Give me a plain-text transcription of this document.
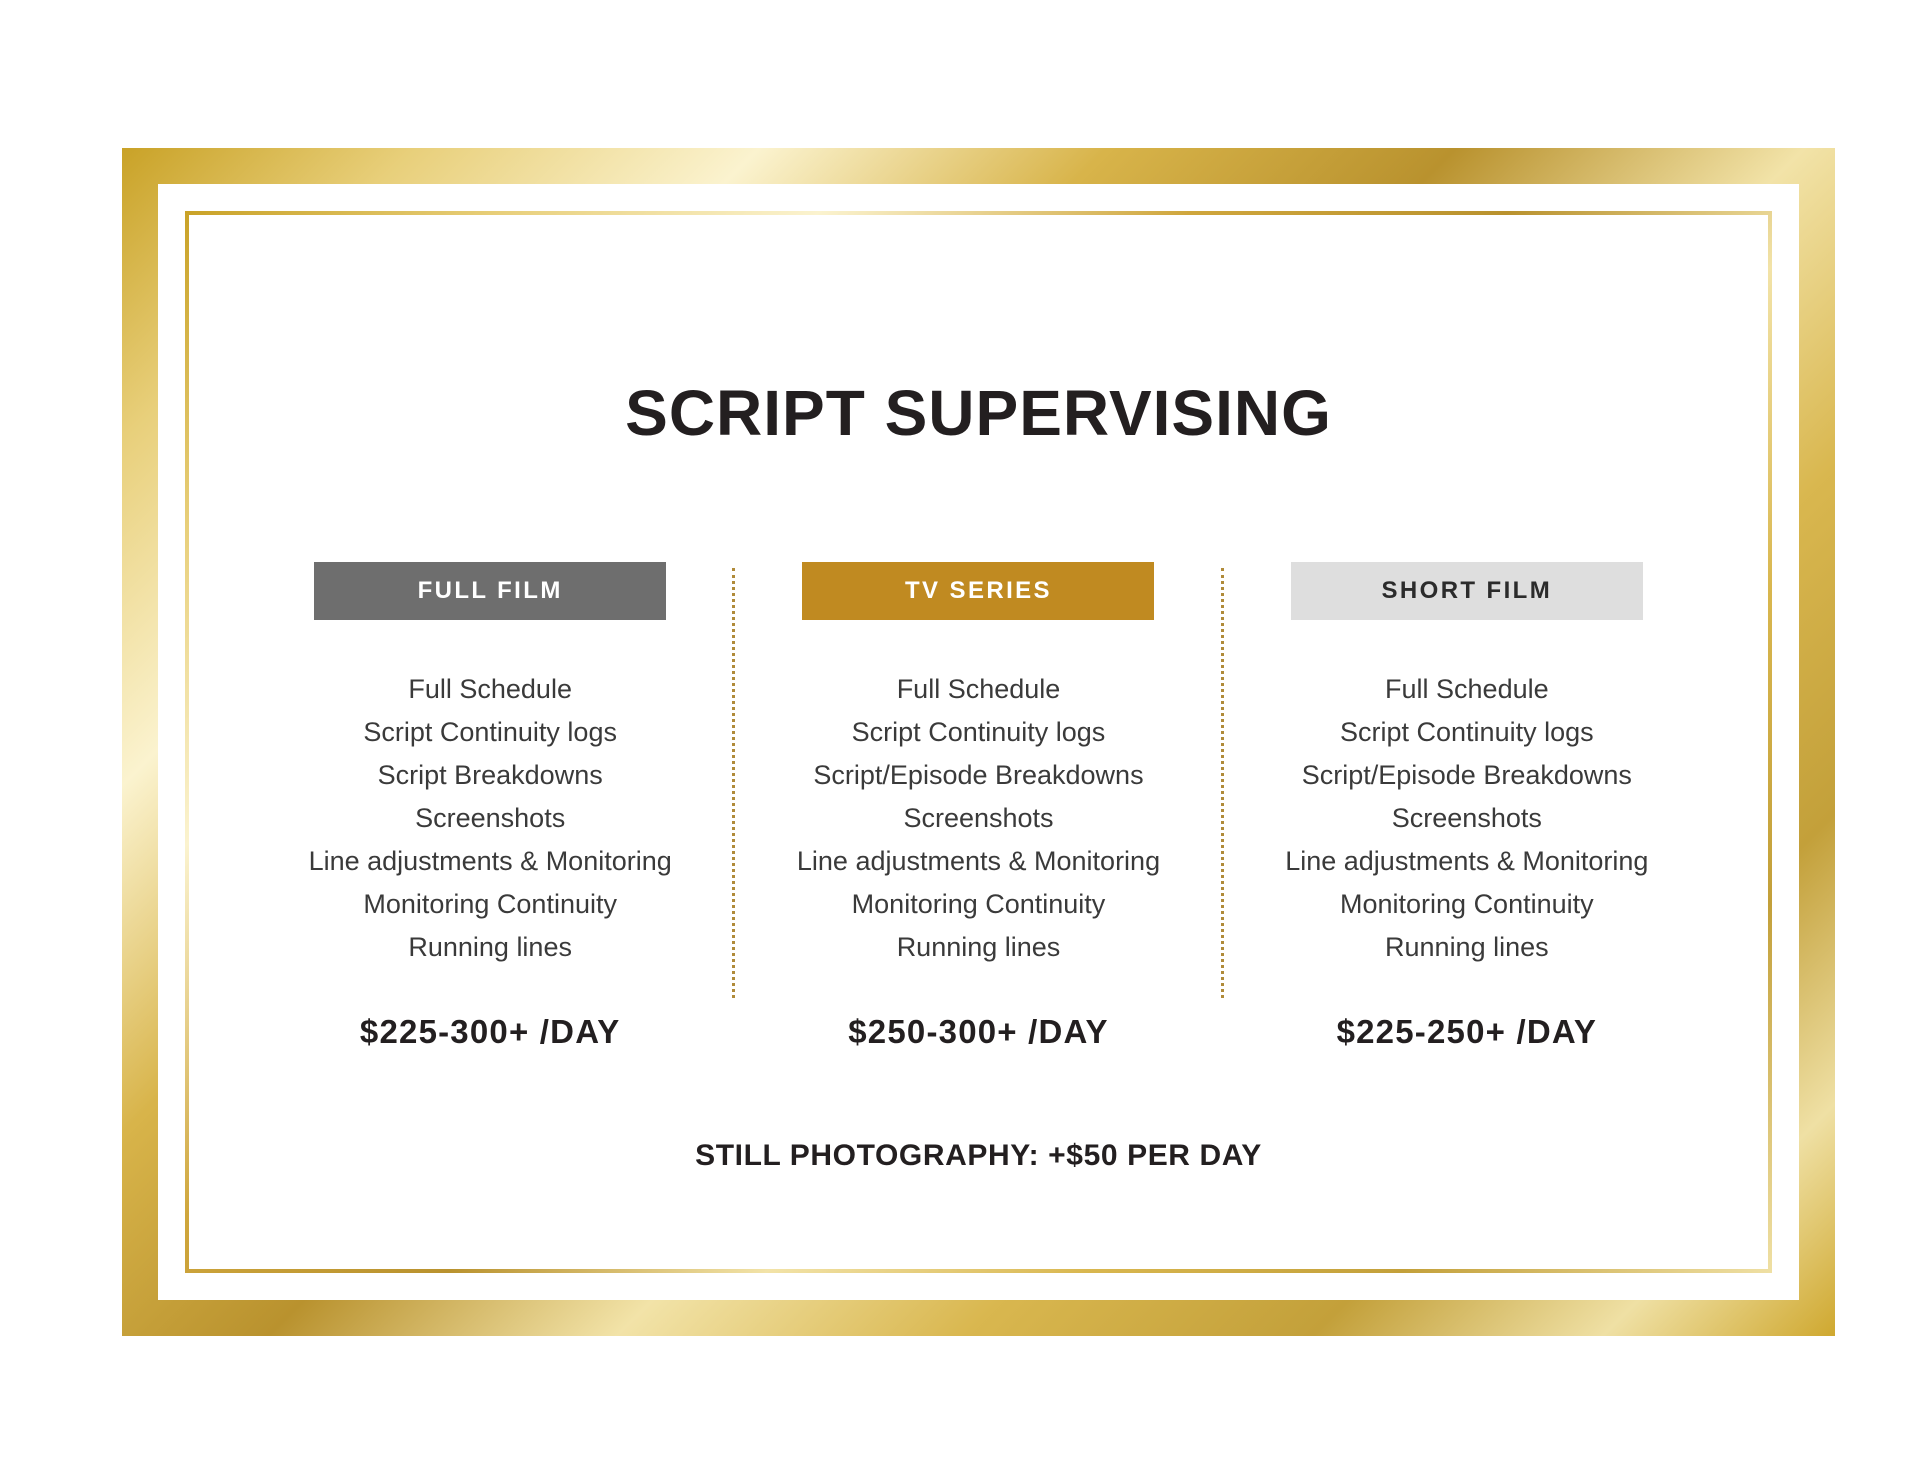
SCRIPT SUPERVISING
FULL FILM
Full Schedule
Script Continuity logs
Script Breakdowns
Screenshots
Line adjustments & Monitoring
Monitoring Continuity
Running lines
$225-300+ /DAY
TV SERIES
Full Schedule
Script Continuity logs
Script/Episode Breakdowns
Screenshots
Line adjustments & Monitoring
Monitoring Continuity
Running lines
$250-300+ /DAY
SHORT FILM
Full Schedule
Script Continuity logs
Script/Episode Breakdowns
Screenshots
Line adjustments & Monitoring
Monitoring Continuity
Running lines
$225-250+ /DAY
STILL PHOTOGRAPHY: +$50 PER DAY
